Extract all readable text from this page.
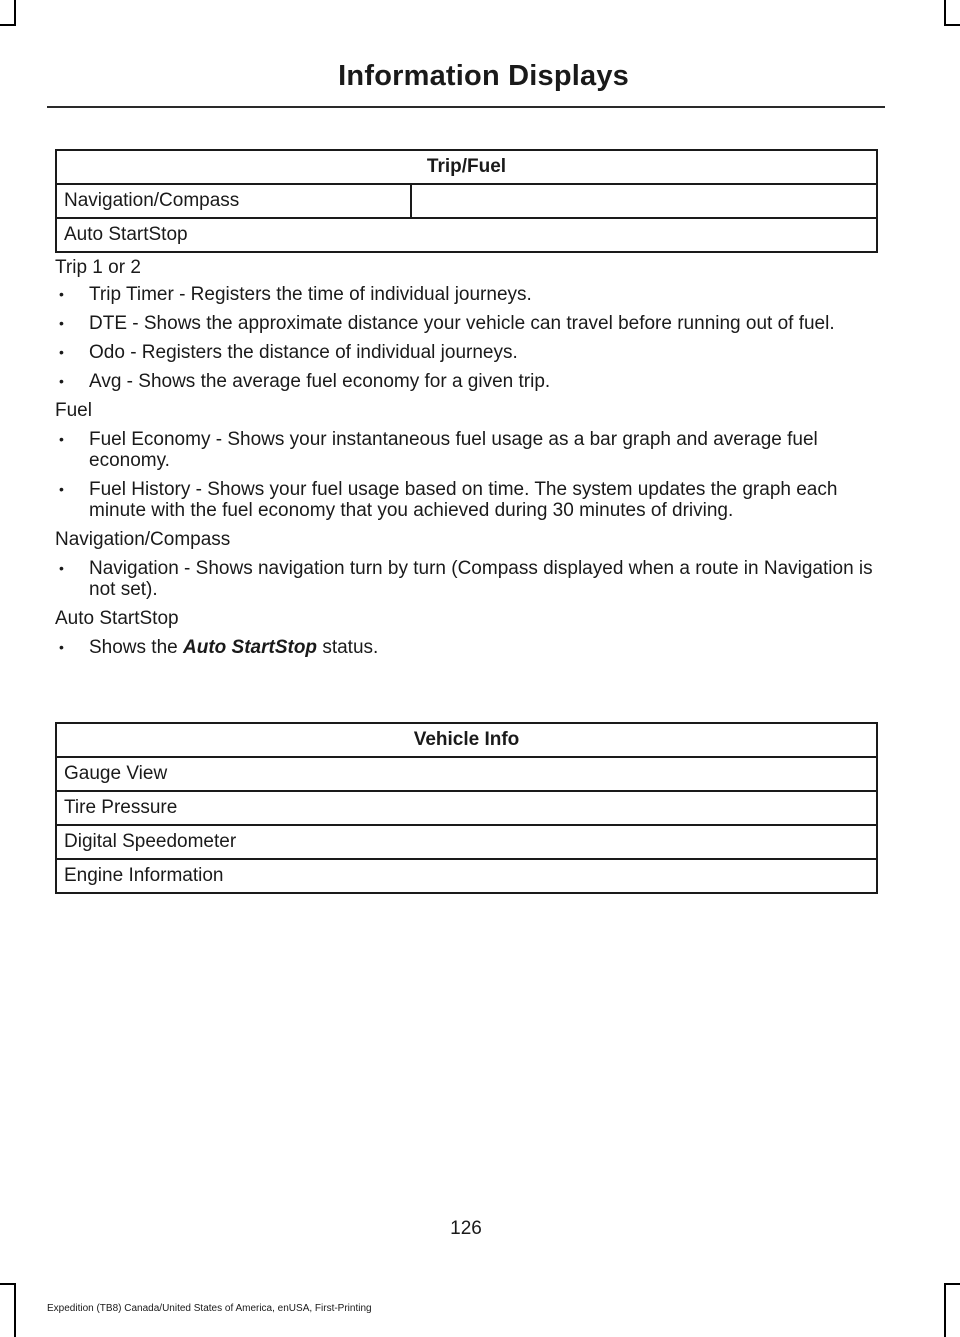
Information Displays
Trip/Fuel
Navigation/Compass	
Auto StartStop

Trip 1 or 2

• Trip Timer - Registers the time of individual journeys.
• DTE - Shows the approximate distance your vehicle can travel before running out of fuel.
• Odo - Registers the distance of individual journeys.
• Avg - Shows the average fuel economy for a given trip.

Fuel

• Fuel Economy - Shows your instantaneous fuel usage as a bar graph and average fuel economy.
• Fuel History - Shows your fuel usage based on time. The system updates the graph each minute with the fuel economy that you achieved during 30 minutes of driving.

Navigation/Compass

• Navigation - Shows navigation turn by turn (Compass displayed when a route in Navigation is not set).

Auto StartStop

• Shows the Auto StartStop status.
Vehicle Info
Gauge View
Tire Pressure
Digital Speedometer
Engine Information
126
Expedition (TB8) Canada/United States of America, enUSA, First-Printing
